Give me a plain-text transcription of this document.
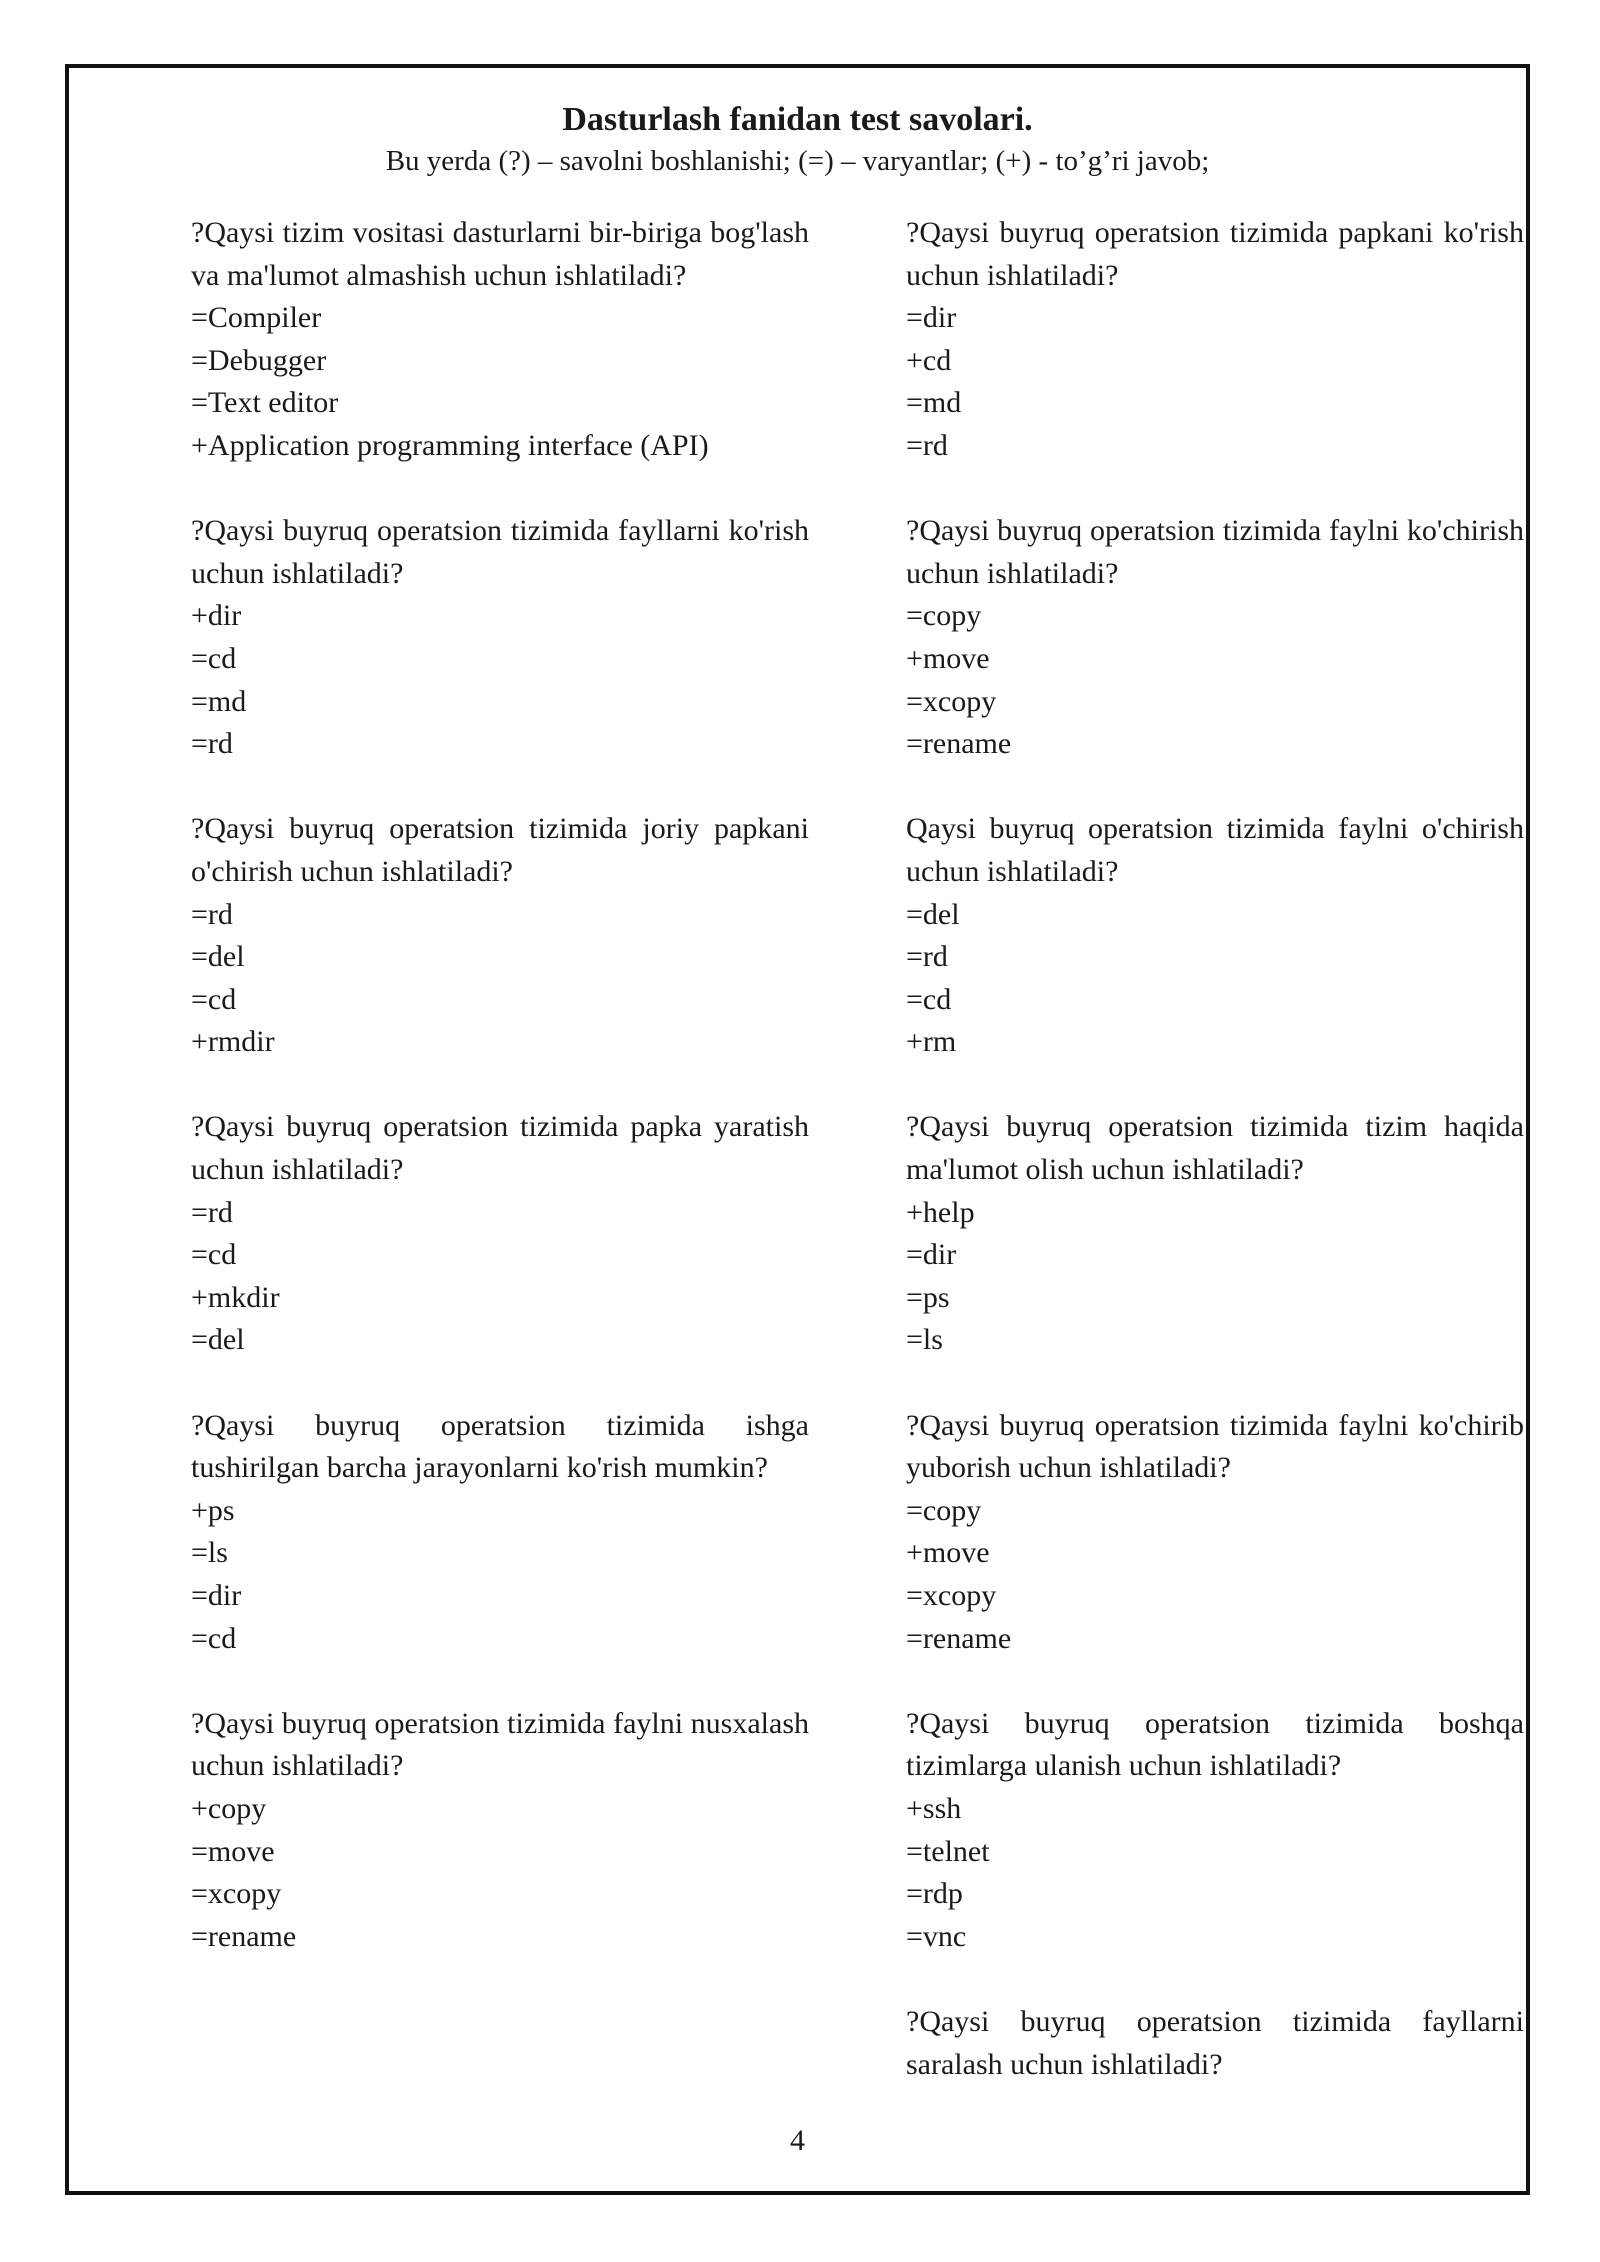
Dasturlash fanidan test savolari.
Bu yerda (?) – savolni boshlanishi; (=) – varyantlar; (+) - to’g’ri javob;
?Qaysi tizim vositasi dasturlarni bir-biriga bog'lash va ma'lumot almashish uchun ishlatiladi?
=Compiler
=Debugger
=Text editor
+Application programming interface (API)
?Qaysi buyruq operatsion tizimida fayllarni ko'rish uchun ishlatiladi?
+dir
=cd
=md
=rd
?Qaysi buyruq operatsion tizimida joriy papkani o'chirish uchun ishlatiladi?
=rd
=del
=cd
+rmdir
?Qaysi buyruq operatsion tizimida papka yaratish uchun ishlatiladi?
=rd
=cd
+mkdir
=del
?Qaysi buyruq operatsion tizimida ishga tushirilgan barcha jarayonlarni ko'rish mumkin?
+ps
=ls
=dir
=cd
?Qaysi buyruq operatsion tizimida faylni nusxalash uchun ishlatiladi?
+copy
=move
=xcopy
=rename
?Qaysi buyruq operatsion tizimida papkani ko'rish uchun ishlatiladi?
=dir
+cd
=md
=rd
?Qaysi buyruq operatsion tizimida faylni ko'chirish uchun ishlatiladi?
=copy
+move
=xcopy
=rename
Qaysi buyruq operatsion tizimida faylni o'chirish uchun ishlatiladi?
=del
=rd
=cd
+rm
?Qaysi buyruq operatsion tizimida tizim haqida ma'lumot olish uchun ishlatiladi?
+help
=dir
=ps
=ls
?Qaysi buyruq operatsion tizimida faylni ko'chirib yuborish uchun ishlatiladi?
=copy
+move
=xcopy
=rename
?Qaysi buyruq operatsion tizimida boshqa tizimlarga ulanish uchun ishlatiladi?
+ssh
=telnet
=rdp
=vnc
?Qaysi buyruq operatsion tizimida fayllarni saralash uchun ishlatiladi?
4
